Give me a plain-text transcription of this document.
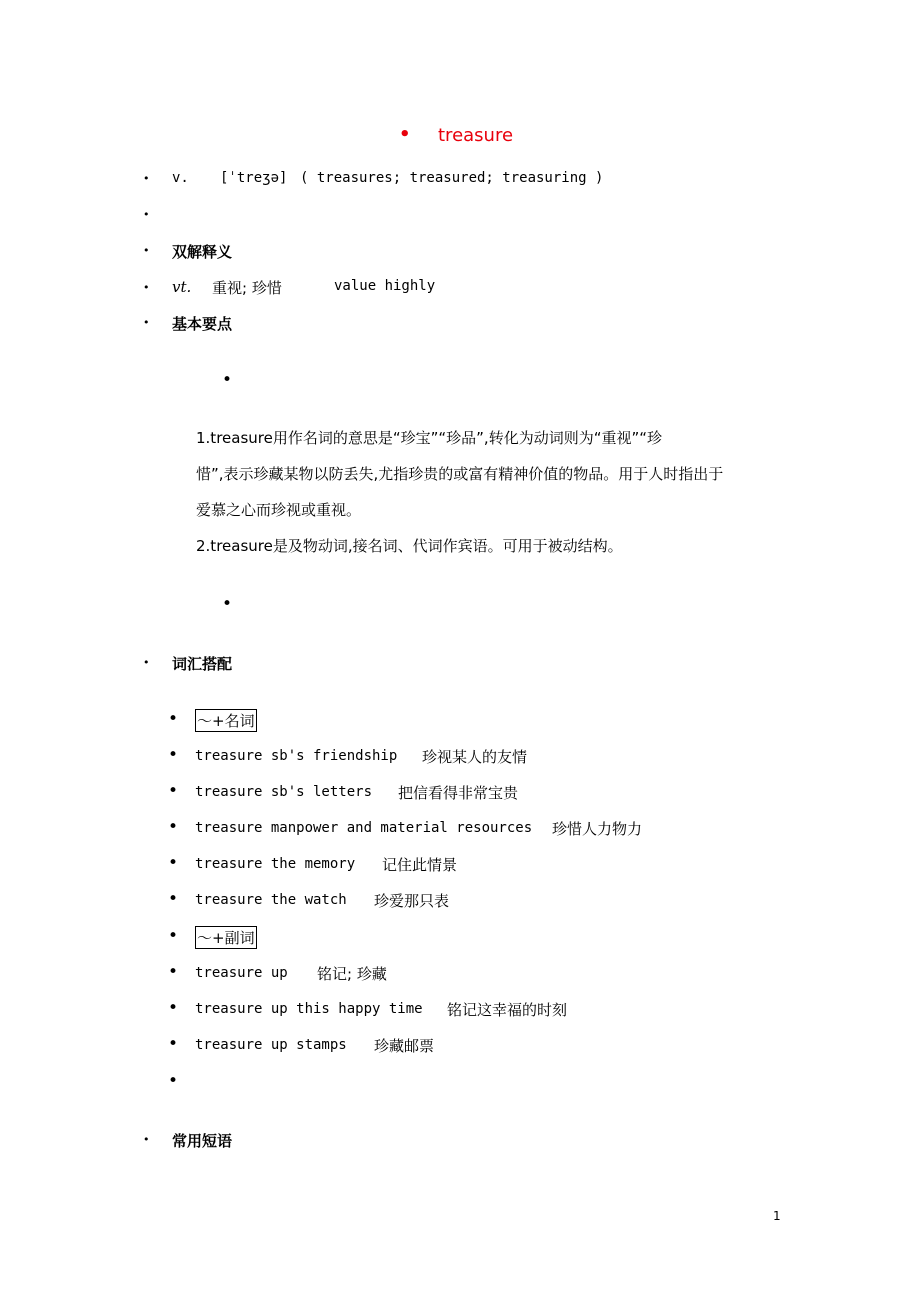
• treasure
• v. [ˈtreʒə] ( treasures; treasured; treasuring )
•
• 双解释义
• vt. 重视; 珍惜	value highly
• 基本要点
•
1.treasure用作名词的意思是“珍宝”“珍品”,转化为动词则为“重视”“珍
惜”,表示珍藏某物以防丢失,尤指珍贵的或富有精神价值的物品。用于人时指出于
爱慕之心而珍视或重视。
2.treasure是及物动词,接名词、代词作宾语。可用于被动结构。
•
• 词汇搭配
• ～+名词
• treasure sb's friendship 珍视某人的友情
• treasure sb's letters 把信看得非常宝贵
• treasure manpower and material resources 珍惜人力物力
• treasure the memory 记住此情景
• treasure the watch 珍爱那只表
• ～+副词
• treasure up 铭记; 珍藏
• treasure up this happy time 铭记这幸福的时刻
• treasure up stamps 珍藏邮票
•
• 常用短语
1
